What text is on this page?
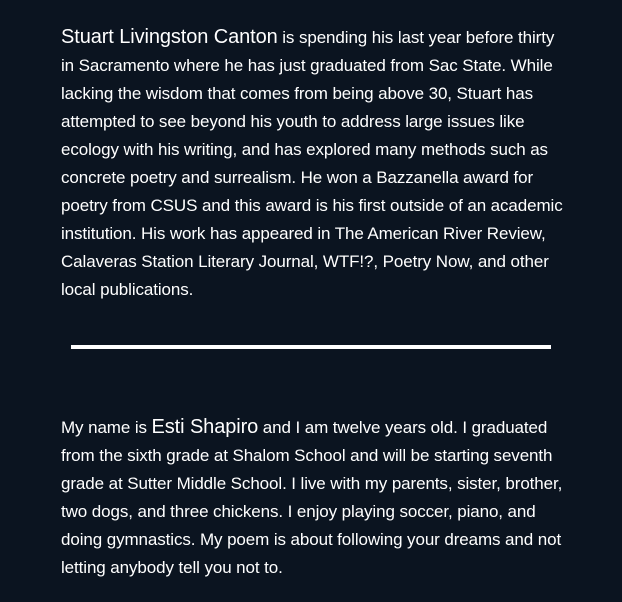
Stuart Livingston Canton is spending his last year before thirty in Sacramento where he has just graduated from Sac State. While lacking the wisdom that comes from being above 30, Stuart has attempted to see beyond his youth to address large issues like ecology with his writing, and has explored many methods such as concrete poetry and surrealism. He won a Bazzanella award for poetry from CSUS and this award is his first outside of an academic institution. His work has appeared in The American River Review, Calaveras Station Literary Journal, WTF!?, Poetry Now, and other local publications.

My name is Esti Shapiro and I am twelve years old. I graduated from the sixth grade at Shalom School and will be starting seventh grade at Sutter Middle School. I live with my parents, sister, brother, two dogs, and three chickens. I enjoy playing soccer, piano, and doing gymnastics. My poem is about following your dreams and not letting anybody tell you not to.
